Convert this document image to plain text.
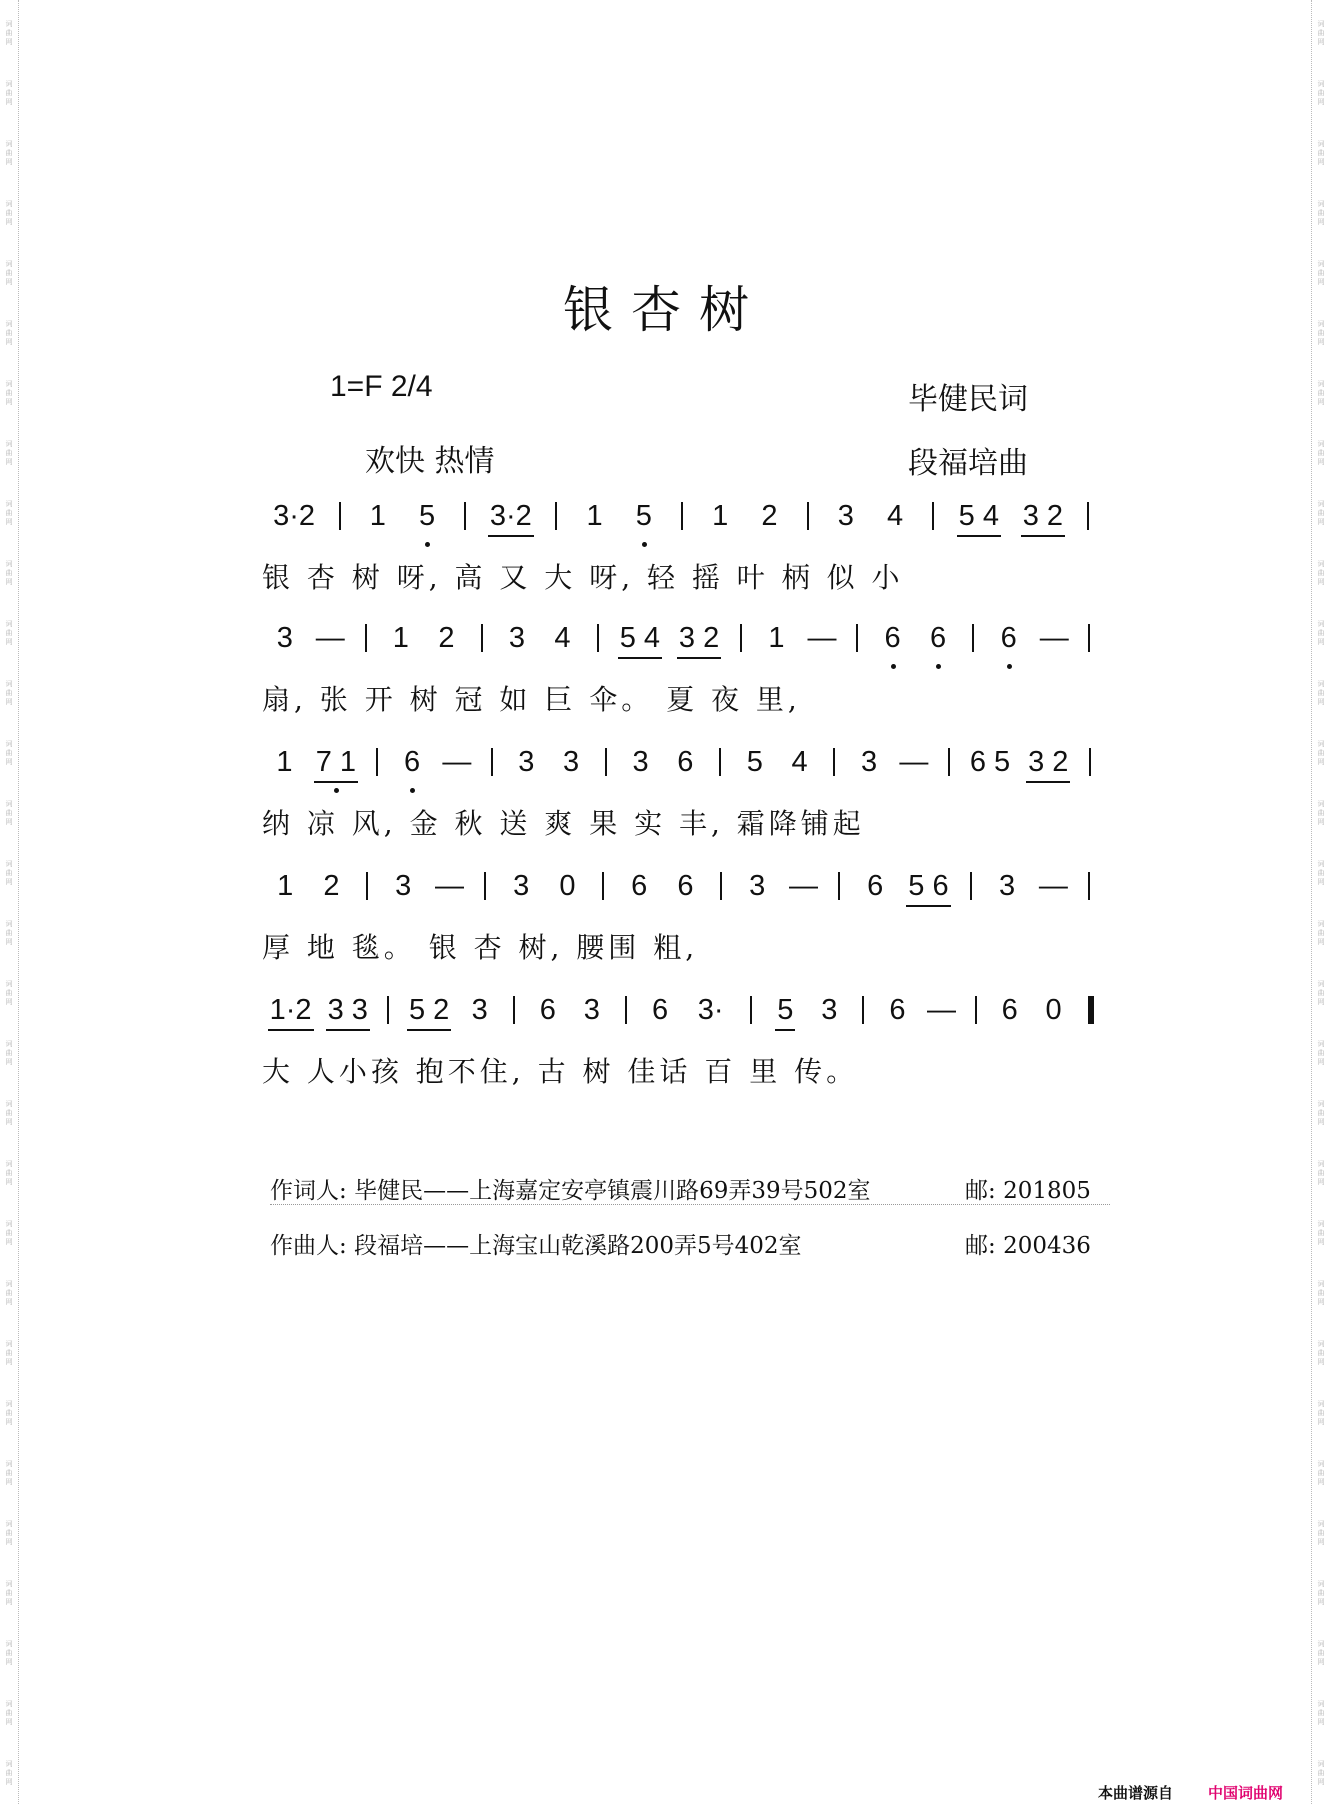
词曲网
词曲网
词曲网
词曲网
词曲网
词曲网
词曲网
词曲网
词曲网
词曲网
词曲网
词曲网
词曲网
词曲网
词曲网
词曲网
词曲网
词曲网
词曲网
词曲网
词曲网
词曲网
词曲网
词曲网
词曲网
词曲网
词曲网
词曲网
词曲网
词曲网
词曲网
词曲网
词曲网
词曲网
词曲网
词曲网
词曲网
词曲网
词曲网
词曲网
词曲网
词曲网
词曲网
词曲网
词曲网
词曲网
词曲网
词曲网
词曲网
词曲网
词曲网
词曲网
词曲网
词曲网
词曲网
词曲网
词曲网
词曲网
词曲网
词曲网
银杏树
1=F 2/4	毕健民词
欢快 热情	段福培曲
3·2 1 5 3·2 1 5 1 2 3 4 5 4 3 2
银 杏 树 呀, 高 又 大 呀, 轻 摇 叶 柄 似 小
3 — 1 2 3 4 5 4 3 2 1 — 6 6 6 —
扇, 张 开 树 冠 如 巨 伞。 夏 夜 里,
1 7 1 6 — 3 3 3 6 5 4 3 — 6 5 3 2
纳 凉 风, 金 秋 送 爽 果 实 丰, 霜降铺起
1 2 3 — 3 0 6 6 3 — 6 5 6 3 —
厚 地 毯。 银 杏 树, 腰围 粗,
1·2 3 3 5 2 3 6 3 6 3· 5 3 6 — 6 0
大 人小孩 抱不住, 古 树 佳话 百 里 传。
作词人: 毕健民——上海嘉定安亭镇震川路69弄39号502室	邮: 201805
作曲人: 段福培——上海宝山乾溪路200弄5号402室	邮: 200436
本曲谱源自 中国词曲网
